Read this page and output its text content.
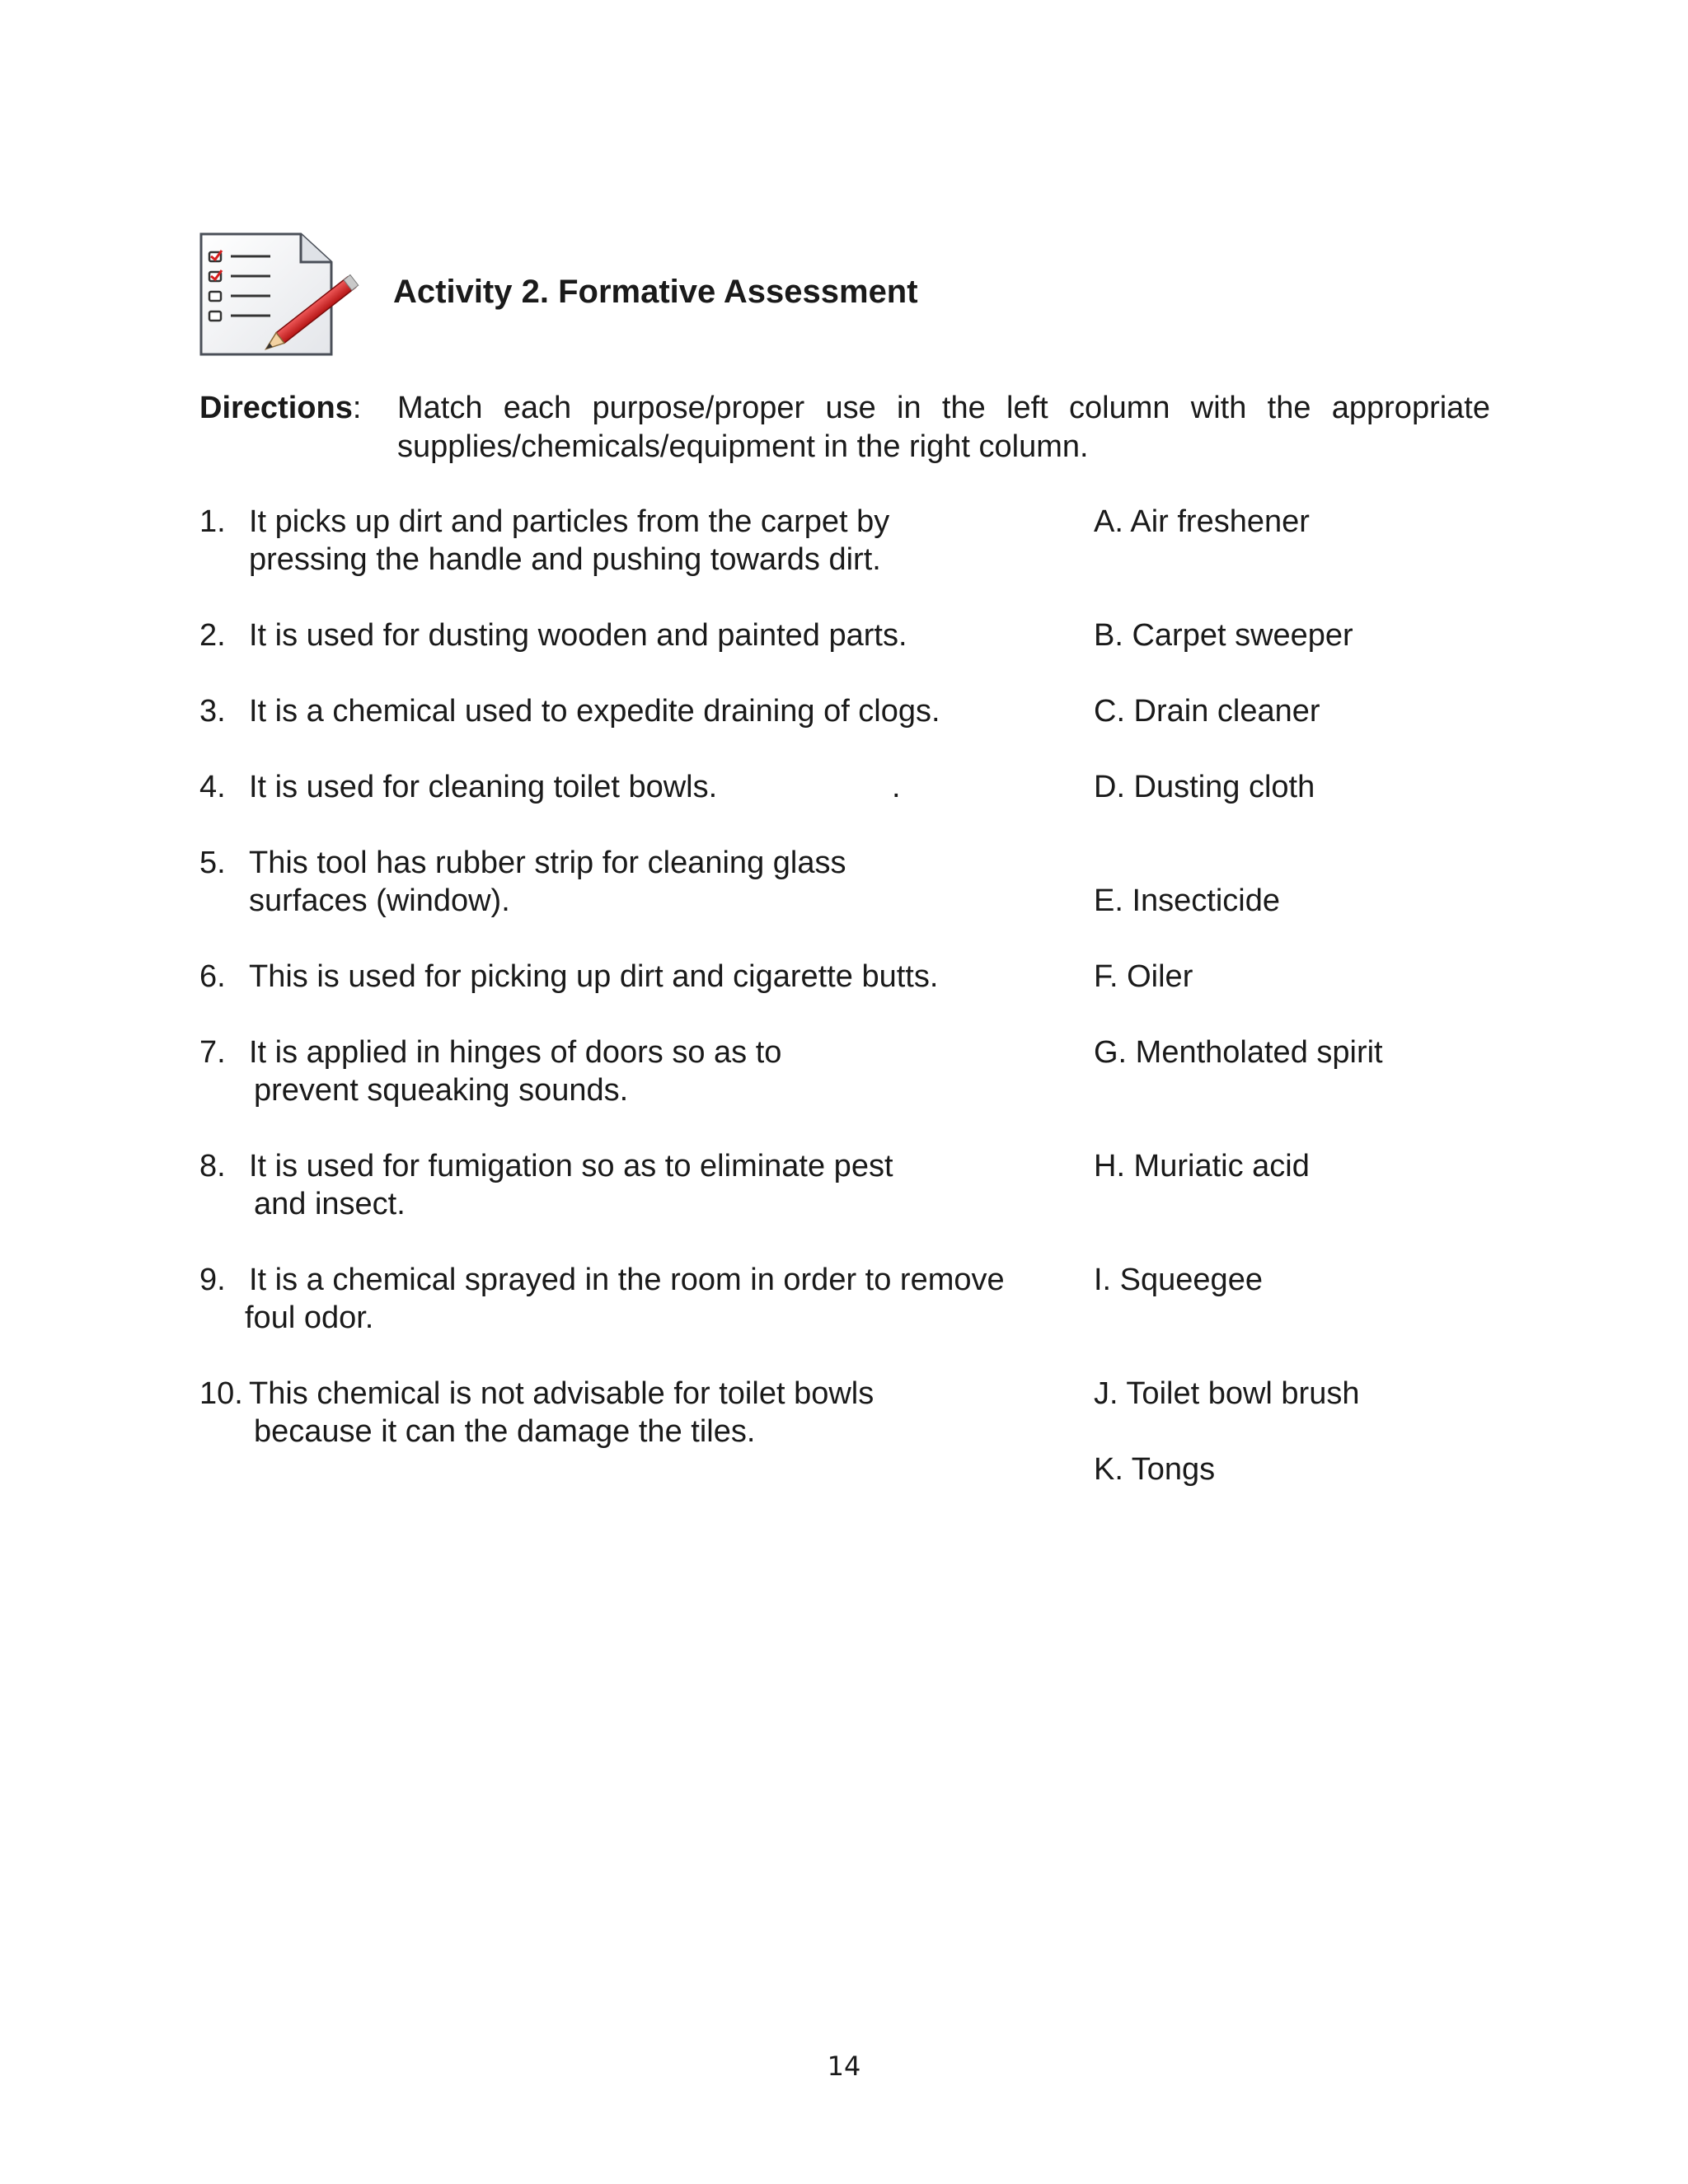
Activity 2. Formative Assessment
Directions: Match each purpose/proper use in the left column with the appropriate supplies/chemicals/equipment in the right column.
1. It picks up dirt and particles from the carpet by
pressing the handle and pushing towards dirt.
2. It is used for dusting wooden and painted parts.
3. It is a chemical used to expedite draining of clogs.
4. It is used for cleaning toilet bowls.	.
5. This tool has rubber strip for cleaning glass
surfaces (window).
6. This is used for picking up dirt and cigarette butts.
7. It is applied in hinges of doors so as to
prevent squeaking sounds.
8. It is used for fumigation so as to eliminate pest
and insect.
9. It is a chemical sprayed in the room in order to remove
foul odor.
10. This chemical is not advisable for toilet bowls
because it can the damage the tiles.
A. Air freshener
B. Carpet sweeper
C. Drain cleaner
D. Dusting cloth
E. Insecticide
F. Oiler
G. Mentholated spirit
H. Muriatic acid
I. Squeegee
J. Toilet bowl brush
K. Tongs
14
